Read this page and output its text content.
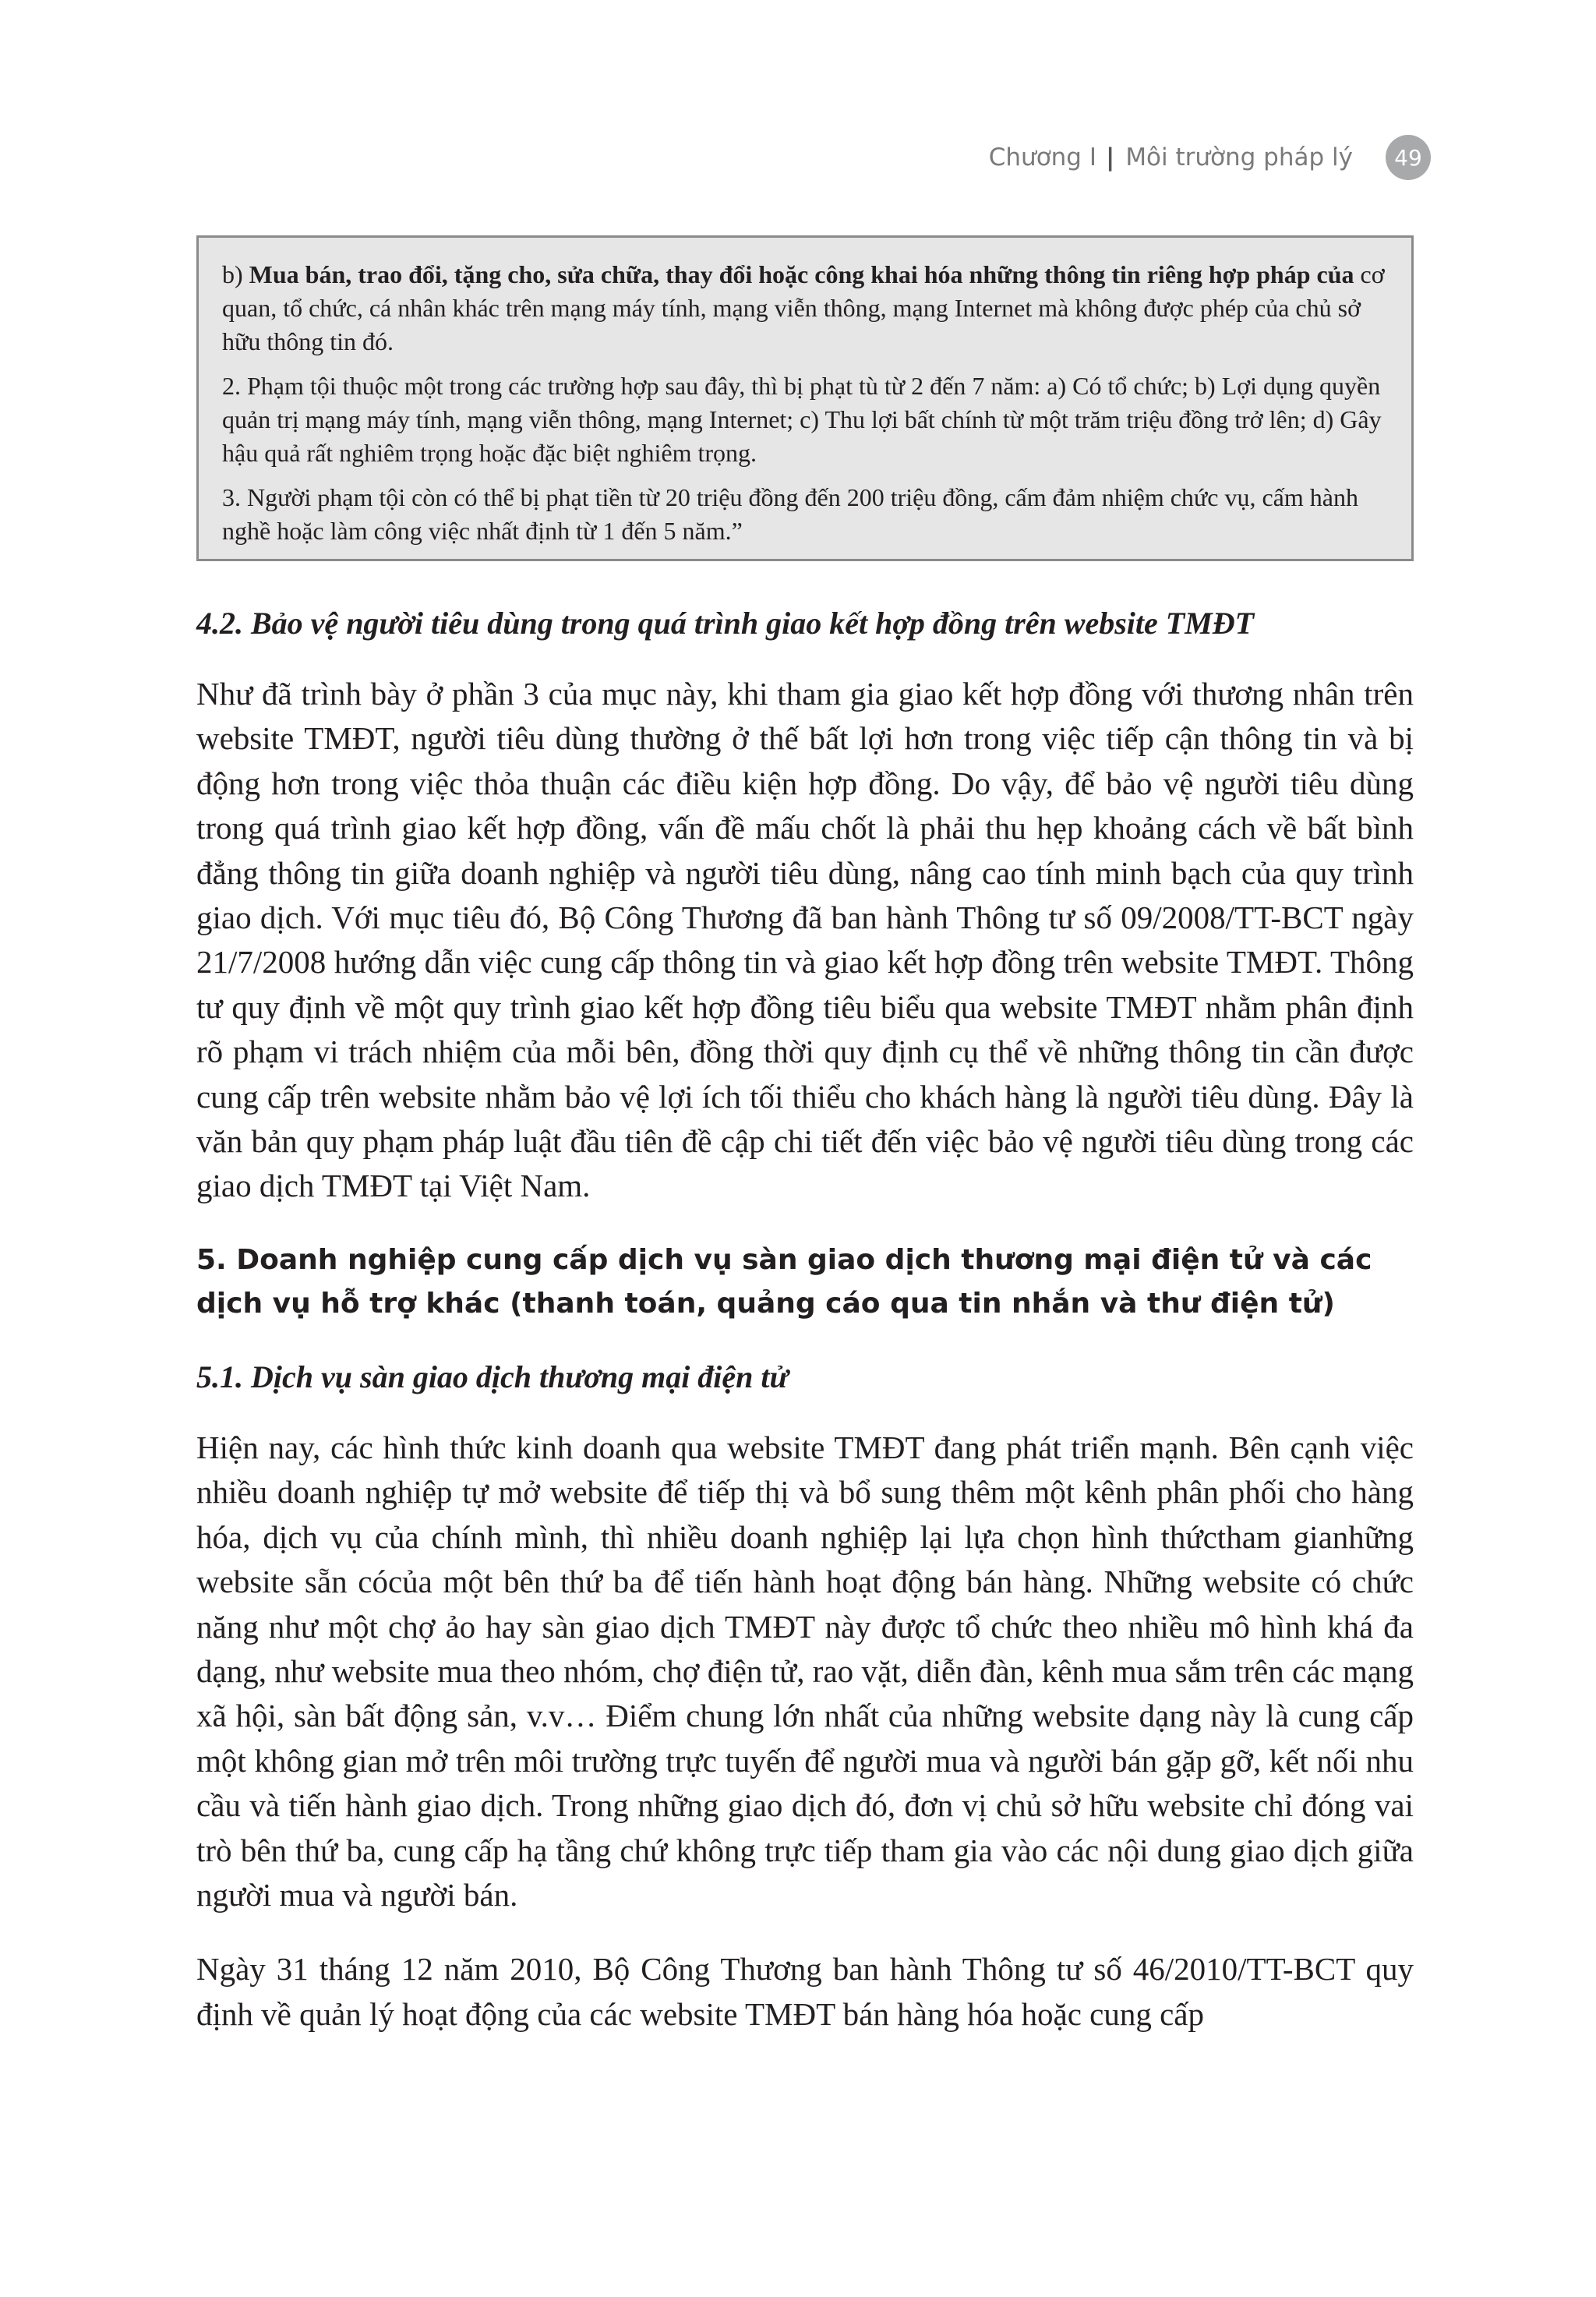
Chương I | Môi trường pháp lý	49

b) Mua bán, trao đổi, tặng cho, sửa chữa, thay đổi hoặc công khai hóa những thông tin riêng hợp pháp của cơ quan, tổ chức, cá nhân khác trên mạng máy tính, mạng viễn thông, mạng Internet mà không được phép của chủ sở hữu thông tin đó.

2. Phạm tội thuộc một trong các trường hợp sau đây, thì bị phạt tù từ 2 đến 7 năm: a) Có tổ chức; b) Lợi dụng quyền quản trị mạng máy tính, mạng viễn thông, mạng Internet; c) Thu lợi bất chính từ một trăm triệu đồng trở lên; d) Gây hậu quả rất nghiêm trọng hoặc đặc biệt nghiêm trọng.

3. Người phạm tội còn có thể bị phạt tiền từ 20 triệu đồng đến 200 triệu đồng, cấm đảm nhiệm chức vụ, cấm hành nghề hoặc làm công việc nhất định từ 1 đến 5 năm.”

4.2. Bảo vệ người tiêu dùng trong quá trình giao kết hợp đồng trên website TMĐT

Như đã trình bày ở phần 3 của mục này, khi tham gia giao kết hợp đồng với thương nhân trên website TMĐT, người tiêu dùng thường ở thế bất lợi hơn trong việc tiếp cận thông tin và bị động hơn trong việc thỏa thuận các điều kiện hợp đồng. Do vậy, để bảo vệ người tiêu dùng trong quá trình giao kết hợp đồng, vấn đề mấu chốt là phải thu hẹp khoảng cách về bất bình đẳng thông tin giữa doanh nghiệp và người tiêu dùng, nâng cao tính minh bạch của quy trình giao dịch. Với mục tiêu đó, Bộ Công Thương đã ban hành Thông tư số 09/2008/TT-BCT ngày 21/7/2008 hướng dẫn việc cung cấp thông tin và giao kết hợp đồng trên website TMĐT. Thông tư quy định về một quy trình giao kết hợp đồng tiêu biểu qua website TMĐT nhằm phân định rõ phạm vi trách nhiệm của mỗi bên, đồng thời quy định cụ thể về những thông tin cần được cung cấp trên website nhằm bảo vệ lợi ích tối thiểu cho khách hàng là người tiêu dùng. Đây là văn bản quy phạm pháp luật đầu tiên đề cập chi tiết đến việc bảo vệ người tiêu dùng trong các giao dịch TMĐT tại Việt Nam.

5. Doanh nghiệp cung cấp dịch vụ sàn giao dịch thương mại điện tử và các dịch vụ hỗ trợ khác (thanh toán, quảng cáo qua tin nhắn và thư điện tử)

5.1. Dịch vụ sàn giao dịch thương mại điện tử

Hiện nay, các hình thức kinh doanh qua website TMĐT đang phát triển mạnh. Bên cạnh việc nhiều doanh nghiệp tự mở website để tiếp thị và bổ sung thêm một kênh phân phối cho hàng hóa, dịch vụ của chính mình, thì nhiều doanh nghiệp lại lựa chọn hình thứctham gianhững website sẵn cócủa một bên thứ ba để tiến hành hoạt động bán hàng. Những website có chức năng như một chợ ảo hay sàn giao dịch TMĐT này được tổ chức theo nhiều mô hình khá đa dạng, như website mua theo nhóm, chợ điện tử, rao vặt, diễn đàn, kênh mua sắm trên các mạng xã hội, sàn bất động sản, v.v… Điểm chung lớn nhất của những website dạng này là cung cấp một không gian mở trên môi trường trực tuyến để người mua và người bán gặp gỡ, kết nối nhu cầu và tiến hành giao dịch. Trong những giao dịch đó, đơn vị chủ sở hữu website chỉ đóng vai trò bên thứ ba, cung cấp hạ tầng chứ không trực tiếp tham gia vào các nội dung giao dịch giữa người mua và người bán.

Ngày 31 tháng 12 năm 2010, Bộ Công Thương ban hành Thông tư số 46/2010/TT-BCT quy định về quản lý hoạt động của các website TMĐT bán hàng hóa hoặc cung cấp
